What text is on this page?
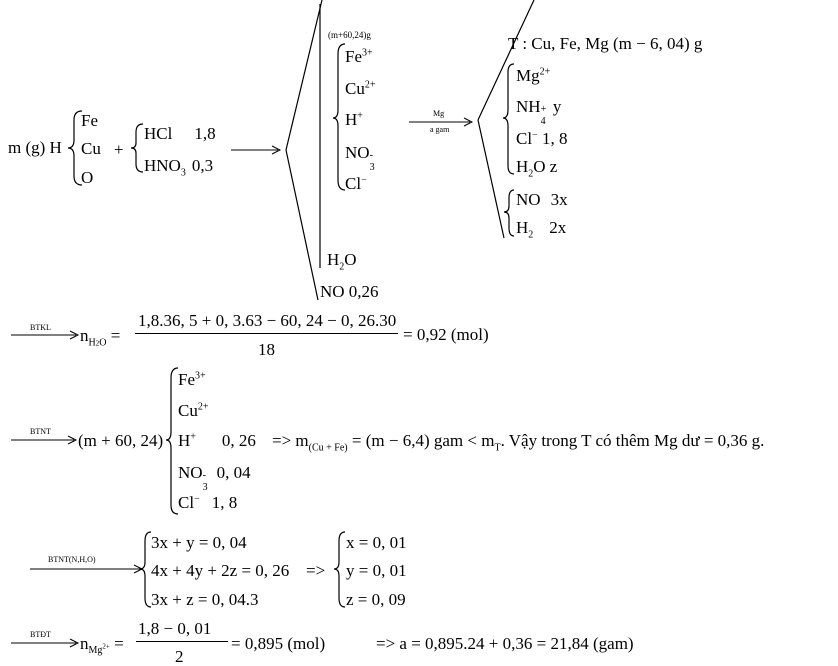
m (g) H
Fe
Cu
O
+
HCl 1,8
$HNO_3$ 0,3
(m+60,24)g
$Fe^{3+}$
$Cu^{2+}$
H+
NO -
3
Cl−
$H_2O$
NO 0,26
Mg
a gam
T : Cu, Fe, Mg (m − 6, 04) g
$Mg^{2+}$
NH +
4
y
Cl− 1, 8
$H_2O$ z
NO 3x
$H_2$ 2x
BTKL $n_{H2O}$ =
1,8.36, 5 + 0, 3.63 − 60, 24 − 0, 26.30
18
= 0,92 (mol)
BTNT (m + 60, 24)
$Fe^{3+}$
$Cu^{2+}$
H+ 0, 26
NO -
3
0, 04
Cl− 1, 8
=> $m_{(Cu + Fe)} = (m - 6,4)$ gam < $m_T$. Vậy trong T có thêm Mg dư = 0,36 g.
BTNT(N,H,O)
3x + y = 0, 04
4x + 4y + 2z = 0, 26
3x + z = 0, 04.3
=>
x = 0, 01
y = 0, 01
z = 0, 09
BTĐT $n_{Mg^{2+}}$ =
1,8 − 0, 01
2
= 0,895 (mol)	=> a = 0,895.24 + 0,36 = 21,84 (gam)
